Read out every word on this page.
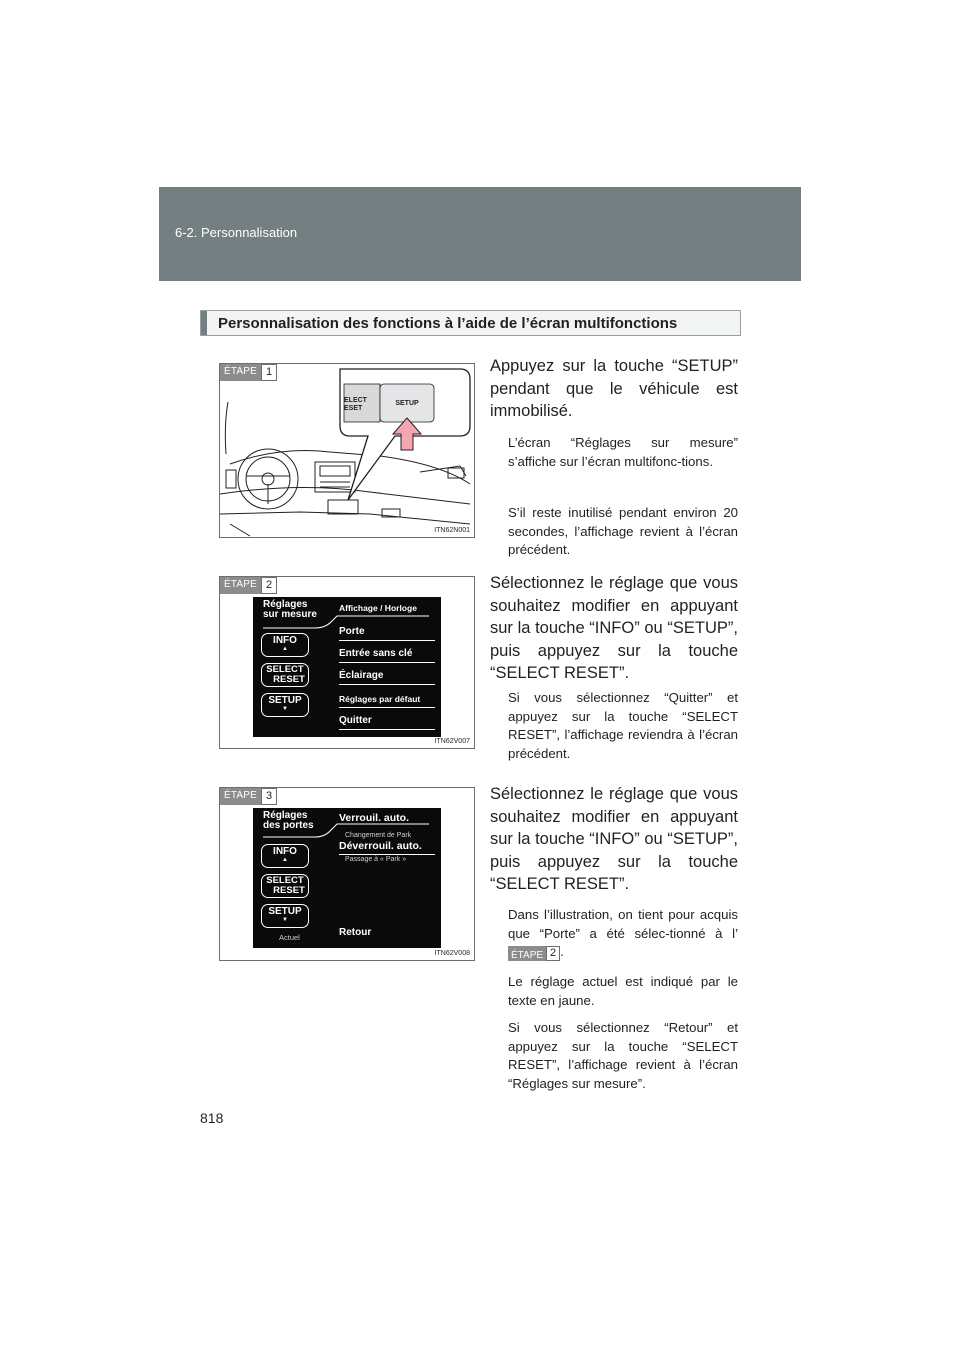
6-2. Personnalisation
Personnalisation des fonctions à l’aide de l’écran multifonctions
ÉTAPE 1
ELECT
ESET
SETUP
ITN62N001
ÉTAPE 2
Réglages
sur mesure
INFO
▲
SELECT
RESET
SETUP
▼
Affichage / Horloge
Porte
Entrée sans clé
Éclairage
Réglages par défaut
Quitter
ITN62V007
ÉTAPE 3
Réglages
des portes
INFO
▲
SELECT
RESET
SETUP
▼
Verrouil. auto.
Changement de Park
Déverrouil. auto.
Passage à « Park »
Retour
Actuel
ITN62V008
Appuyez sur la touche “SETUP” pendant que le véhicule est immobilisé.
L’écran “Réglages sur mesure” s’affiche sur l’écran multifonc-tions.
S’il reste inutilisé pendant environ 20 secondes, l’affichage revient à l’écran précédent.
Sélectionnez le réglage que vous souhaitez modifier en appuyant sur la touche “INFO” ou “SETUP”, puis appuyez sur la touche “SELECT RESET”.
Si vous sélectionnez “Quitter” et appuyez sur la touche “SELECT RESET”, l’affichage reviendra à l’écran précédent.
Sélectionnez le réglage que vous souhaitez modifier en appuyant sur la touche “INFO” ou “SETUP”, puis appuyez sur la touche “SELECT RESET”.
Dans l’illustration, on tient pour acquis que “Porte” a été sélec-tionné à l’
ÉTAPE 2 .
Le réglage actuel est indiqué par le texte en jaune.
Si vous sélectionnez “Retour” et appuyez sur la touche “SELECT RESET”, l’affichage revient à l’écran “Réglages sur mesure”.
818
